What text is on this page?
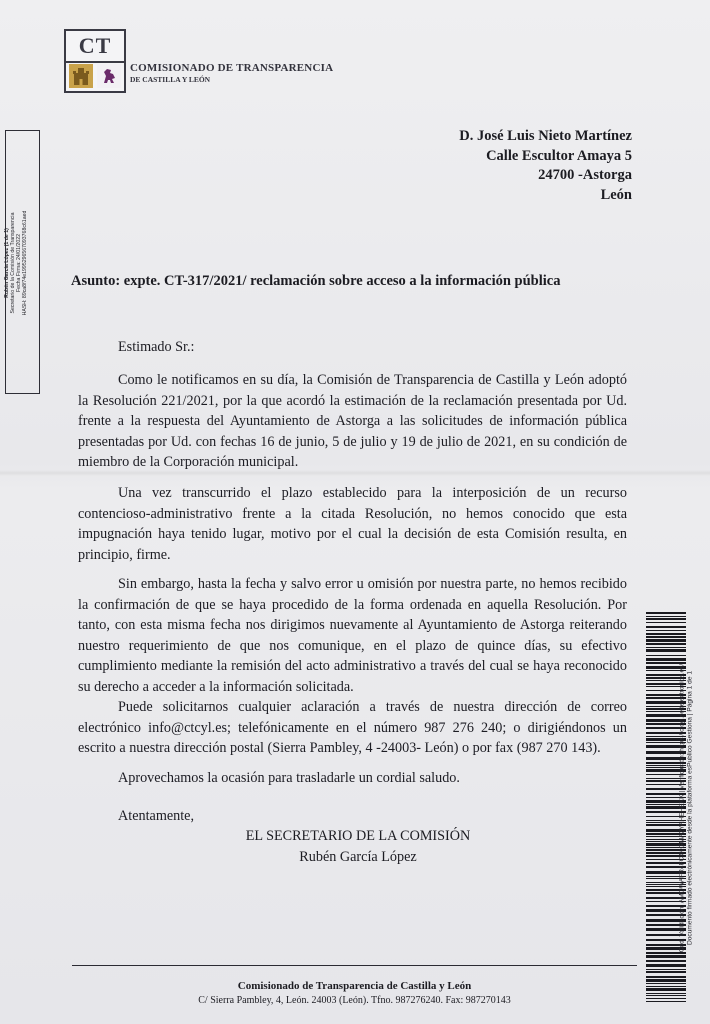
CT
COMISIONADO DE TRANSPARENCIA
DE CASTILLA Y LEÓN
Rubén García López (1 de 1) Secretario de la Comisión de Transparencia Fecha Firma: 24/01/2022 HASH: 89ca8f74e1995296567093768c61aed
D. José Luis Nieto Martínez
Calle Escultor Amaya 5
24700 -Astorga
León
Asunto: expte. CT-317/2021/ reclamación sobre acceso a la información pública
Estimado Sr.:
Como le notificamos en su día, la Comisión de Transparencia de Castilla y León adoptó la Resolución 221/2021, por la que acordó la estimación de la reclamación presentada por Ud. frente a la respuesta del Ayuntamiento de Astorga a las solicitudes de información pública presentadas por Ud. con fechas 16 de junio, 5 de julio y 19 de julio de 2021, en su condición de miembro de la Corporación municipal.
Una vez transcurrido el plazo establecido para la interposición de un recurso contencioso-administrativo frente a la citada Resolución, no hemos conocido que esta impugnación haya tenido lugar, motivo por el cual la decisión de esta Comisión resulta, en principio, firme.
Sin embargo, hasta la fecha y salvo error u omisión por nuestra parte, no hemos recibido la confirmación de que se haya procedido de la forma ordenada en aquella Resolución. Por tanto, con esta misma fecha nos dirigimos nuevamente al Ayuntamiento de Astorga reiterando nuestro requerimiento de que nos comunique, en el plazo de quince días, su efectivo cumplimiento mediante la remisión del acto administrativo a través del cual se haya reconocido su derecho a acceder a la información solicitada.
Puede solicitarnos cualquier aclaración a través de nuestra dirección de correo electrónico info@ctcyl.es; telefónicamente en el número 987 276 240; o dirigiéndonos un escrito a nuestra dirección postal (Sierra Pambley, 4 -24003- León) o por fax (987 270 143).
Aprovechamos la ocasión para trasladarle un cordial saludo.
Atentamente,
EL SECRETARIO DE LA COMISIÓN
Rubén García López
Comisionado de Transparencia de Castilla y León
C/ Sierra Pambley, 4, León. 24003 (León). Tfno. 987276240. Fax: 987270143
Cód. Validación: AMQWAFR4FC4KGMA2YAHEHEKK | Verificación: https://ctcyl.sedelectronica.es/ Documento firmado electrónicamente desde la plataforma esPublico Gestiona | Página 1 de 1
